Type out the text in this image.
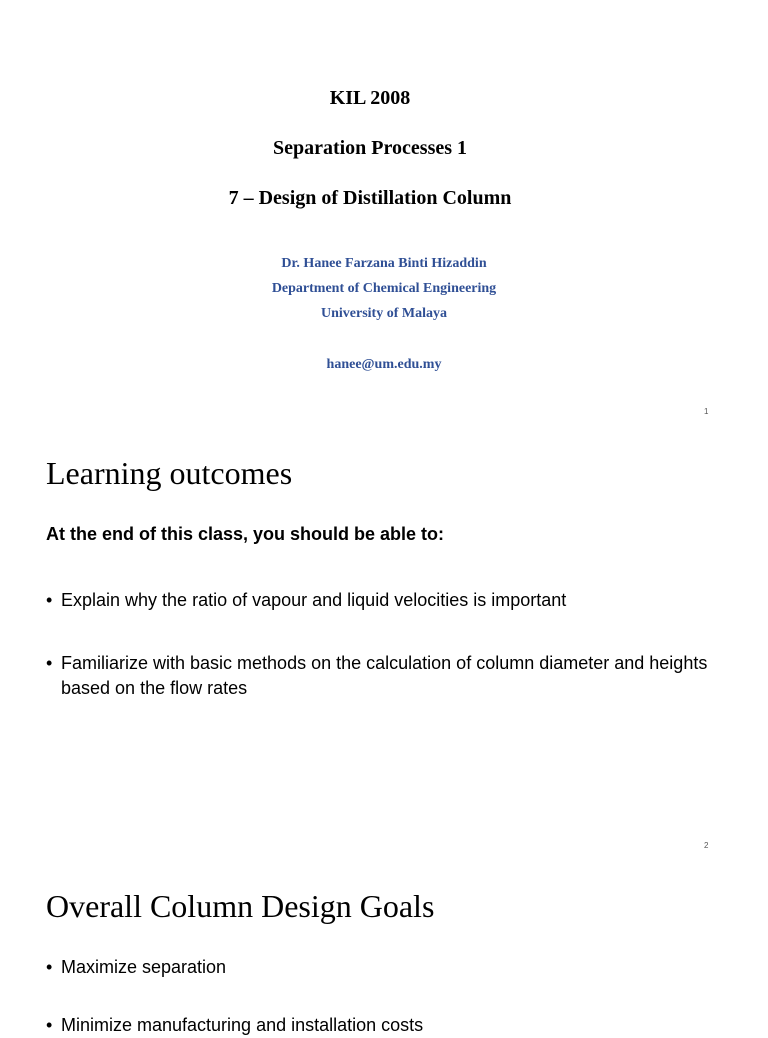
KIL 2008
Separation Processes 1
7 – Design of Distillation Column
Dr. Hanee Farzana Binti Hizaddin
Department of Chemical Engineering
University of Malaya
hanee@um.edu.my
1
Learning outcomes
At the end of this class, you should be able to:
• Explain why the ratio of vapour and liquid velocities is important
• Familiarize with basic methods on the calculation of column diameter and heights based on the flow rates
2
Overall Column Design Goals
• Maximize separation
• Minimize manufacturing and installation costs
